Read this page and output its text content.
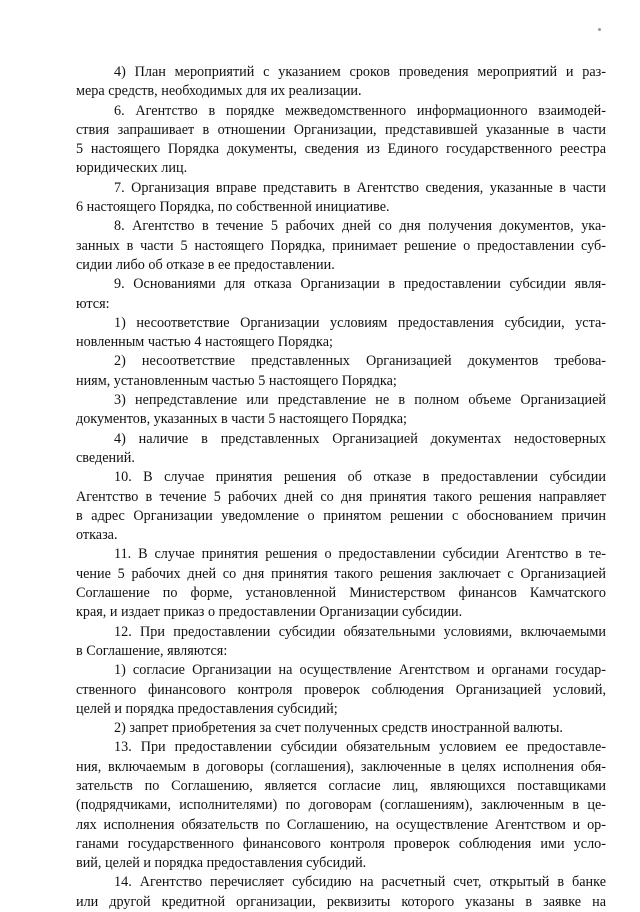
4) План мероприятий с указанием сроков проведения мероприятий и раз-
мера средств, необходимых для их реализации.

6. Агентство в порядке межведомственного информационного взаимодей-
ствия запрашивает в отношении Организации, представившей указанные в части
5 настоящего Порядка документы, сведения из Единого государственного реестра
юридических лиц.

7. Организация вправе представить в Агентство сведения, указанные в части
6 настоящего Порядка, по собственной инициативе.

8. Агентство в течение 5 рабочих дней со дня получения документов, ука-
занных в части 5 настоящего Порядка, принимает решение о предоставлении суб-
сидии либо об отказе в ее предоставлении.

9. Основаниями для отказа Организации в предоставлении субсидии явля-
ются:

1) несоответствие Организации условиям предоставления субсидии, уста-
новленным частью 4 настоящего Порядка;

2) несоответствие представленных Организацией документов требова-
ниям, установленным частью 5 настоящего Порядка;

3) непредставление или представление не в полном объеме Организацией
документов, указанных в части 5 настоящего Порядка;

4) наличие в представленных Организацией документах недостоверных
сведений.

10. В случае принятия решения об отказе в предоставлении субсидии
Агентство в течение 5 рабочих дней со дня принятия такого решения направляет
в адрес Организации уведомление о принятом решении с обоснованием причин
отказа.

11. В случае принятия решения о предоставлении субсидии Агентство в те-
чение 5 рабочих дней со дня принятия такого решения заключает с Организацией
Соглашение по форме, установленной Министерством финансов Камчатского
края, и издает приказ о предоставлении Организации субсидии.

12. При предоставлении субсидии обязательными условиями, включаемыми
в Соглашение, являются:

1) согласие Организации на осуществление Агентством и органами государ-
ственного финансового контроля проверок соблюдения Организацией условий,
целей и порядка предоставления субсидий;

2) запрет приобретения за счет полученных средств иностранной валюты.

13. При предоставлении субсидии обязательным условием ее предоставле-
ния, включаемым в договоры (соглашения), заключенные в целях исполнения обя-
зательств по Соглашению, является согласие лиц, являющихся поставщиками
(подрядчиками, исполнителями) по договорам (соглашениям), заключенным в це-
лях исполнения обязательств по Соглашению, на осуществление Агентством и ор-
ганами государственного финансового контроля проверок соблюдения ими усло-
вий, целей и порядка предоставления субсидий.

14. Агентство перечисляет субсидию на расчетный счет, открытый в банке
или другой кредитной организации, реквизиты которого указаны в заявке на
